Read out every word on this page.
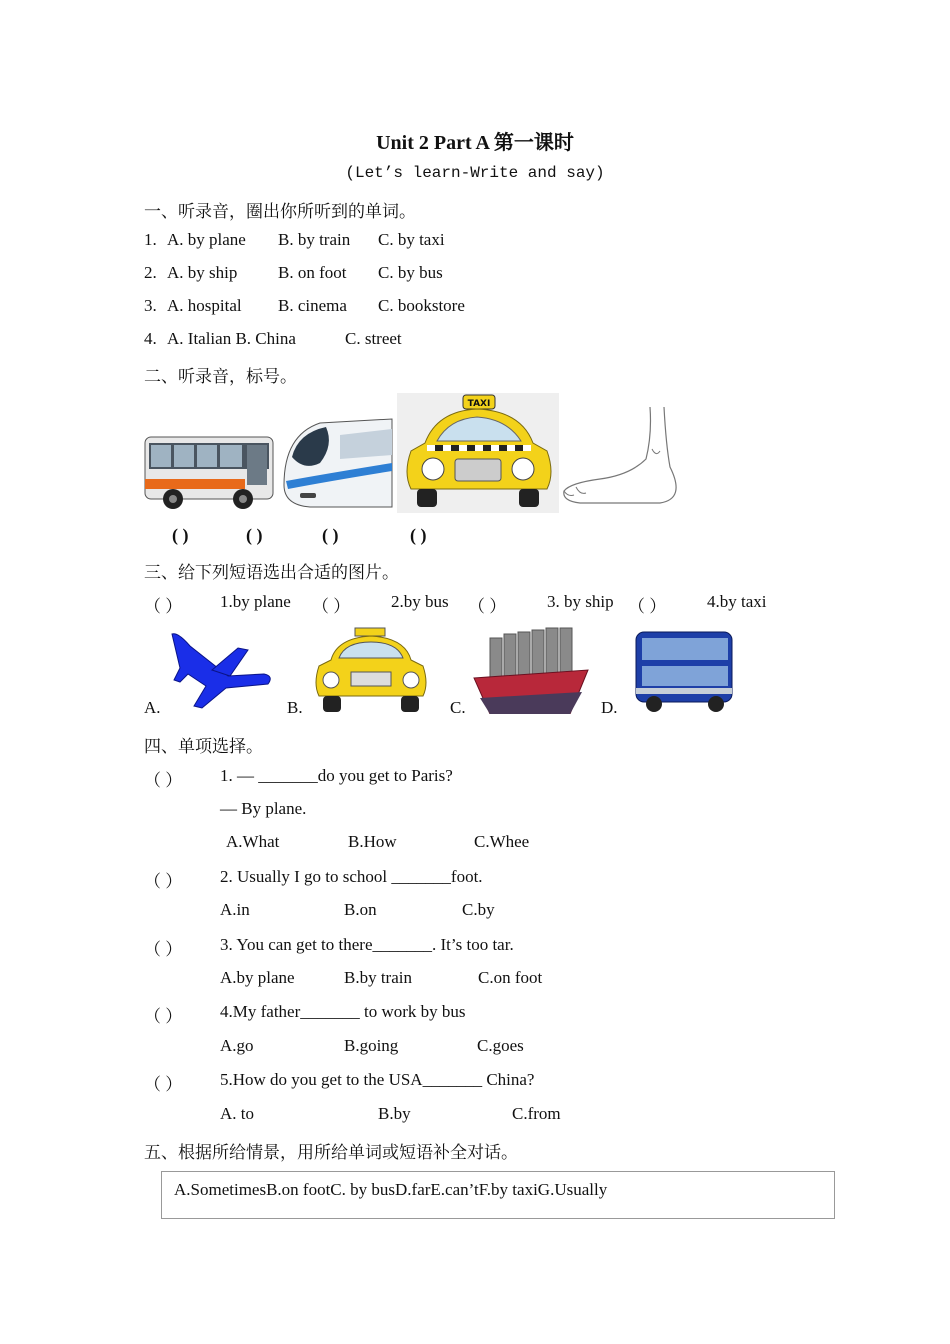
Unit 2 Part A 第一课时
(Let’s learn-Write and say)
一、听录音，圈出你所听到的单词。
1. A. by plane B. by train C. by taxi
2. A. by ship B. on foot C. by bus
3. A. hospital B. cinema C. bookstore
4. A. Italian B. China	C. street
二、听录音，标号。
TAXI
( )	( )	( )	( )
三、给下列短语选出合适的图片。
（ ） 1.by plane （ ） 2.by bus （ ） 3. by ship （ ） 4.by taxi
A.	B.	C.	D.
四、单项选择。
（ ） 1. — _______do you get to Paris?
— By plane.
A.What	B.How	C.Whee
（ ） 2. Usually I go to school _______foot.
A.in	B.on	C.by
（ ） 3. You can get to there_______. It’s too tar.
A.by plane	B.by train	C.on foot
（ ） 4.My father_______ to work by bus
A.go	B.going	C.goes
（ ） 5.How do you get to the USA_______ China?
A. to	B.by	C.from
五、根据所给情景，用所给单词或短语补全对话。
A.SometimesB.on footC. by busD.farE.can’tF.by taxiG.Usually
